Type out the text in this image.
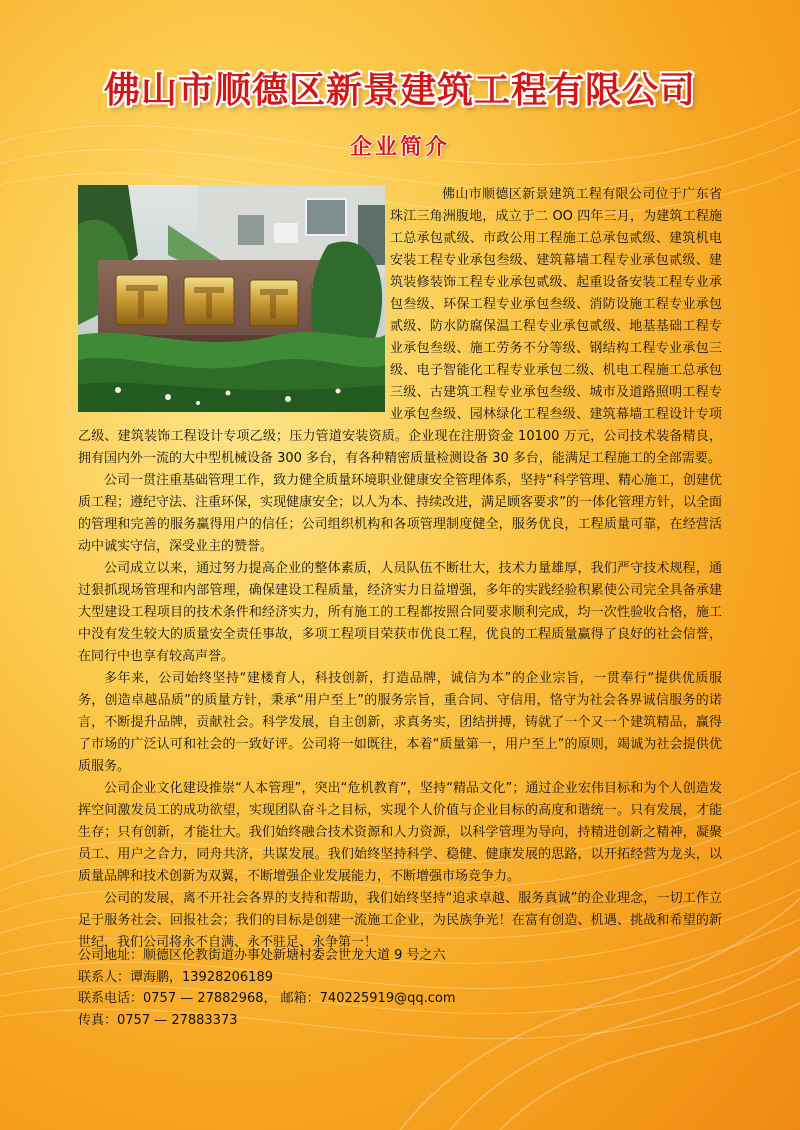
佛山市顺德区新景建筑工程有限公司
企业简介

佛山市顺德区新景建筑工程有限公司位于广东省珠江三角洲腹地，成立于二 OO 四年三月，为建筑工程施工总承包贰级、市政公用工程施工总承包贰级、建筑机电安装工程专业承包叁级、建筑幕墙工程专业承包贰级、建筑装修装饰工程专业承包贰级、起重设备安装工程专业承包叁级、环保工程专业承包叁级、消防设施工程专业承包贰级、防水防腐保温工程专业承包贰级、地基基础工程专业承包叁级、施工劳务不分等级、钢结构工程专业承包三级、电子智能化工程专业承包二级、机电工程施工总承包三级、古建筑工程专业承包叁级、城市及道路照明工程专业承包叁级、园林绿化工程叁级、建筑幕墙工程设计专项乙级、建筑装饰工程设计专项乙级；压力管道安装资质。企业现在注册资金 10100 万元，公司技术装备精良，拥有国内外一流的大中型机械设备 300 多台，有各种精密质量检测设备 30 多台，能满足工程施工的全部需要。

公司一贯注重基础管理工作，致力健全质量环境职业健康安全管理体系，坚持“科学管理、精心施工，创建优质工程；遵纪守法、注重环保，实现健康安全；以人为本、持续改进，满足顾客要求”的一体化管理方针，以全面的管理和完善的服务赢得用户的信任；公司组织机构和各项管理制度健全，服务优良，工程质量可靠，在经营活动中诚实守信，深受业主的赞誉。

公司成立以来，通过努力提高企业的整体素质，人员队伍不断壮大，技术力量雄厚，我们严守技术规程，通过狠抓现场管理和内部管理，确保建设工程质量，经济实力日益增强，多年的实践经验积累使公司完全具备承建大型建设工程项目的技术条件和经济实力，所有施工的工程都按照合同要求顺利完成，均一次性验收合格，施工中没有发生较大的质量安全责任事故，多项工程项目荣获市优良工程，优良的工程质量赢得了良好的社会信誉，在同行中也享有较高声誉。

多年来，公司始终坚持“建楼育人，科技创新，打造品牌，诚信为本”的企业宗旨，一贯奉行“提供优质服务，创造卓越品质”的质量方针，秉承“用户至上”的服务宗旨，重合同、守信用，恪守为社会各界诚信服务的诺言，不断提升品牌，贡献社会。科学发展，自主创新，求真务实，团结拼搏，铸就了一个又一个建筑精品，赢得了市场的广泛认可和社会的一致好评。公司将一如既往，本着“质量第一，用户至上”的原则，竭诚为社会提供优质服务。

公司企业文化建设推崇“人本管理”，突出“危机教育”，坚持“精品文化”；通过企业宏伟目标和为个人创造发挥空间激发员工的成功欲望，实现团队奋斗之目标，实现个人价值与企业目标的高度和谐统一。只有发展，才能生存；只有创新，才能壮大。我们始终融合技术资源和人力资源，以科学管理为导向，持精进创新之精神，凝聚员工、用户之合力，同舟共济，共谋发展。我们始终坚持科学、稳健、健康发展的思路，以开拓经营为龙头，以质量品牌和技术创新为双翼，不断增强企业发展能力，不断增强市场竞争力。

公司的发展，离不开社会各界的支持和帮助，我们始终坚持“追求卓越、服务真诚”的企业理念，一切工作立足于服务社会、回报社会；我们的目标是创建一流施工企业，为民族争光！在富有创造、机遇、挑战和希望的新世纪，我们公司将永不自满、永不驻足、永争第一！

公司地址：顺德区伦教街道办事处新塘村委会世龙大道 9 号之六
联系人：谭海鹏，13928206189
联系电话：0757 — 27882968， 邮箱：740225919@qq.com
传真：0757 — 27883373
